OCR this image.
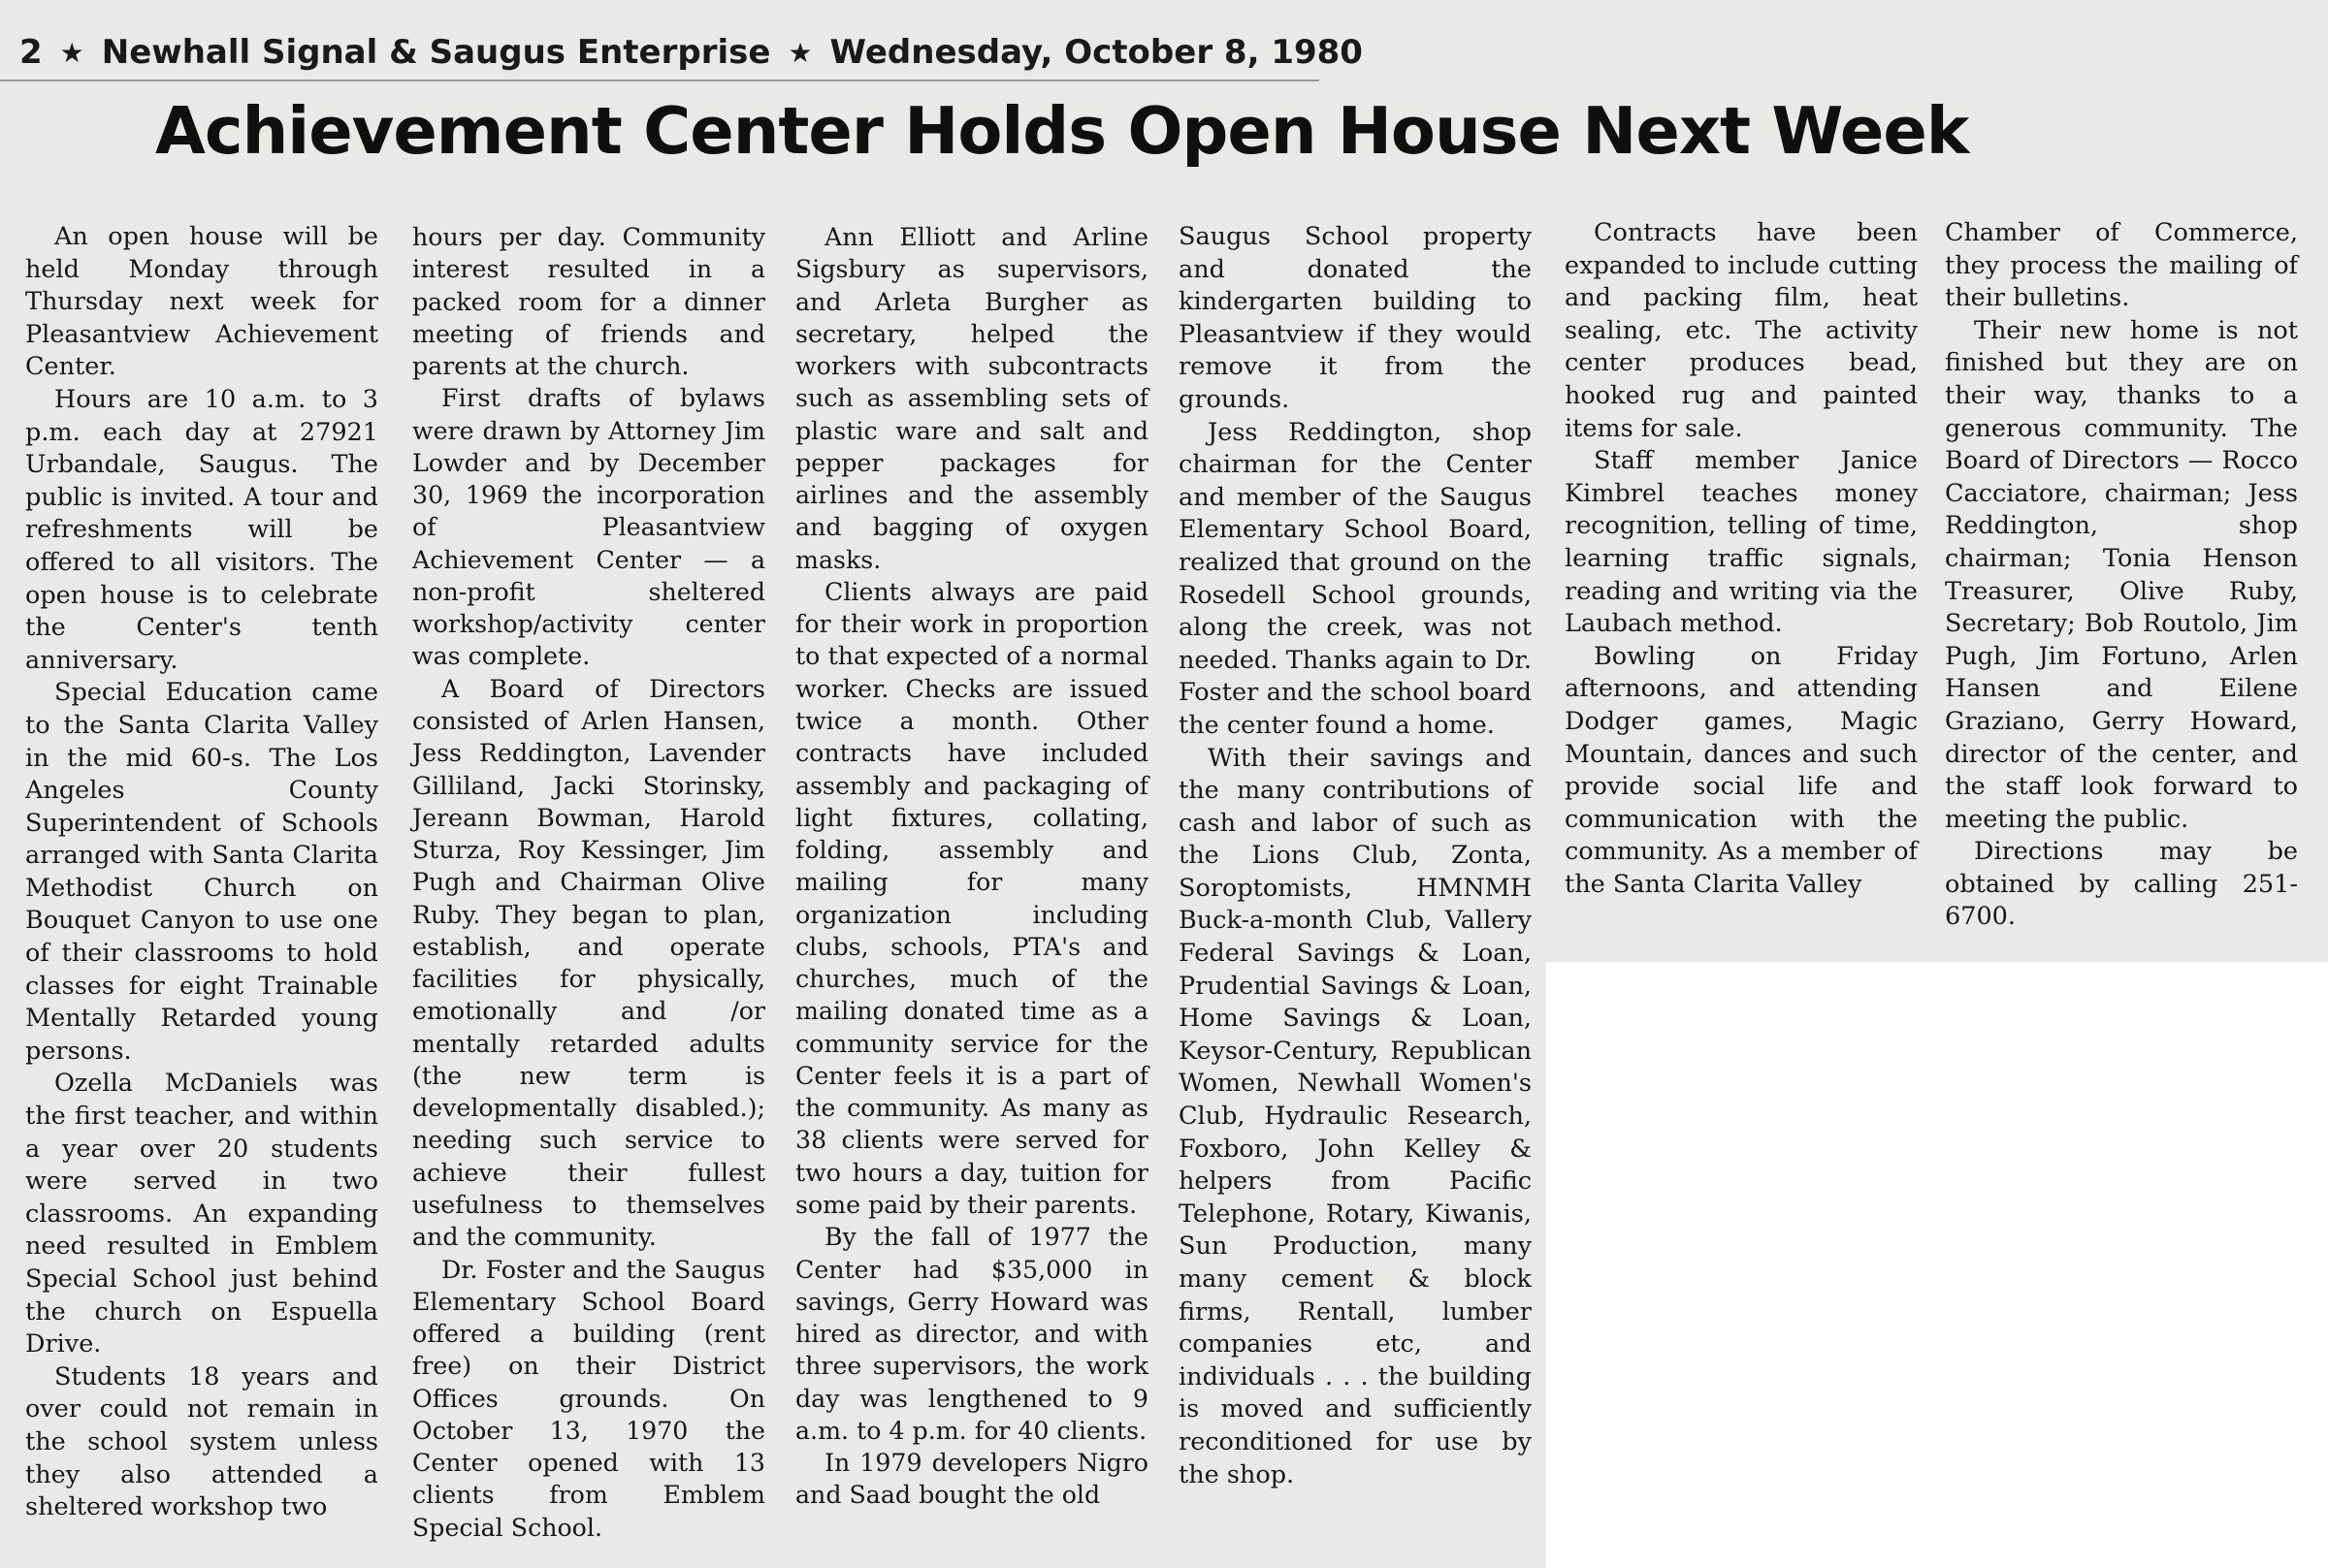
2 ★ Newhall Signal & Saugus Enterprise ★ Wednesday, October 8, 1980
Achievement Center Holds Open House Next Week

An open house will be held Monday through Thursday next week for Pleasantview Achievement Center.

Hours are 10 a.m. to 3 p.m. each day at 27921 Urbandale, Saugus. The public is invited. A tour and refreshments will be offered to all visitors. The open house is to celebrate the Center's tenth anniversary.

Special Education came to the Santa Clarita Valley in the mid 60-s. The Los Angeles County Superintendent of Schools arranged with Santa Clarita Methodist Church on Bouquet Canyon to use one of their classrooms to hold classes for eight Trainable Mentally Retarded young persons.

Ozella McDaniels was the first teacher, and within a year over 20 students were served in two classrooms. An expanding need resulted in Emblem Special School just behind the church on Espuella Drive.

Students 18 years and over could not remain in the school system unless they also attended a sheltered workshop two

hours per day. Community interest resulted in a packed room for a dinner meeting of friends and parents at the church.

First drafts of bylaws were drawn by Attorney Jim Lowder and by December 30, 1969 the incorporation of Pleasantview Achievement Center — a non-profit sheltered workshop/activity center was complete.

A Board of Directors consisted of Arlen Hansen, Jess Reddington, Lavender Gilliland, Jacki Storinsky, Jereann Bowman, Harold Sturza, Roy Kessinger, Jim Pugh and Chairman Olive Ruby. They began to plan, establish, and operate facilities for physically, emotionally and /or mentally retarded adults (the new term is developmentally disabled.); needing such service to achieve their fullest usefulness to themselves and the community.

Dr. Foster and the Saugus Elementary School Board offered a building (rent free) on their District Offices grounds. On October 13, 1970 the Center opened with 13 clients from Emblem Special School.

Ann Elliott and Arline Sigsbury as supervisors, and Arleta Burgher as secretary, helped the workers with subcontracts such as assembling sets of plastic ware and salt and pepper packages for airlines and the assembly and bagging of oxygen masks.

Clients always are paid for their work in proportion to that expected of a normal worker. Checks are issued twice a month. Other contracts have included assembly and packaging of light fixtures, collating, folding, assembly and mailing for many organization including clubs, schools, PTA's and churches, much of the mailing donated time as a community service for the Center feels it is a part of the community. As many as 38 clients were served for two hours a day, tuition for some paid by their parents.

By the fall of 1977 the Center had $35,000 in savings, Gerry Howard was hired as director, and with three supervisors, the work day was lengthened to 9 a.m. to 4 p.m. for 40 clients.

In 1979 developers Nigro and Saad bought the old

Saugus School property and donated the kindergarten building to Pleasantview if they would remove it from the grounds.

Jess Reddington, shop chairman for the Center and member of the Saugus Elementary School Board, realized that ground on the Rosedell School grounds, along the creek, was not needed. Thanks again to Dr. Foster and the school board the center found a home.

With their savings and the many contributions of cash and labor of such as the Lions Club, Zonta, Soroptomists, HMNMH Buck-a-month Club, Vallery Federal Savings & Loan, Prudential Savings & Loan, Home Savings & Loan, Keysor-Century, Republican Women, Newhall Women's Club, Hydraulic Research, Foxboro, John Kelley & helpers from Pacific Telephone, Rotary, Kiwanis, Sun Production, many many cement & block firms, Rentall, lumber companies etc, and individuals . . . the building is moved and sufficiently reconditioned for use by the shop.

Contracts have been expanded to include cutting and packing film, heat sealing, etc. The activity center produces bead, hooked rug and painted items for sale.

Staff member Janice Kimbrel teaches money recognition, telling of time, learning traffic signals, reading and writing via the Laubach method.

Bowling on Friday afternoons, and attending Dodger games, Magic Mountain, dances and such provide social life and communication with the community. As a member of the Santa Clarita Valley

Chamber of Commerce, they process the mailing of their bulletins.

Their new home is not finished but they are on their way, thanks to a generous community. The Board of Directors — Rocco Cacciatore, chairman; Jess Reddington, shop chairman; Tonia Henson Treasurer, Olive Ruby, Secretary; Bob Routolo, Jim Pugh, Jim Fortuno, Arlen Hansen and Eilene Graziano, Gerry Howard, director of the center, and the staff look forward to meeting the public.

Directions may be obtained by calling 251-6700.
